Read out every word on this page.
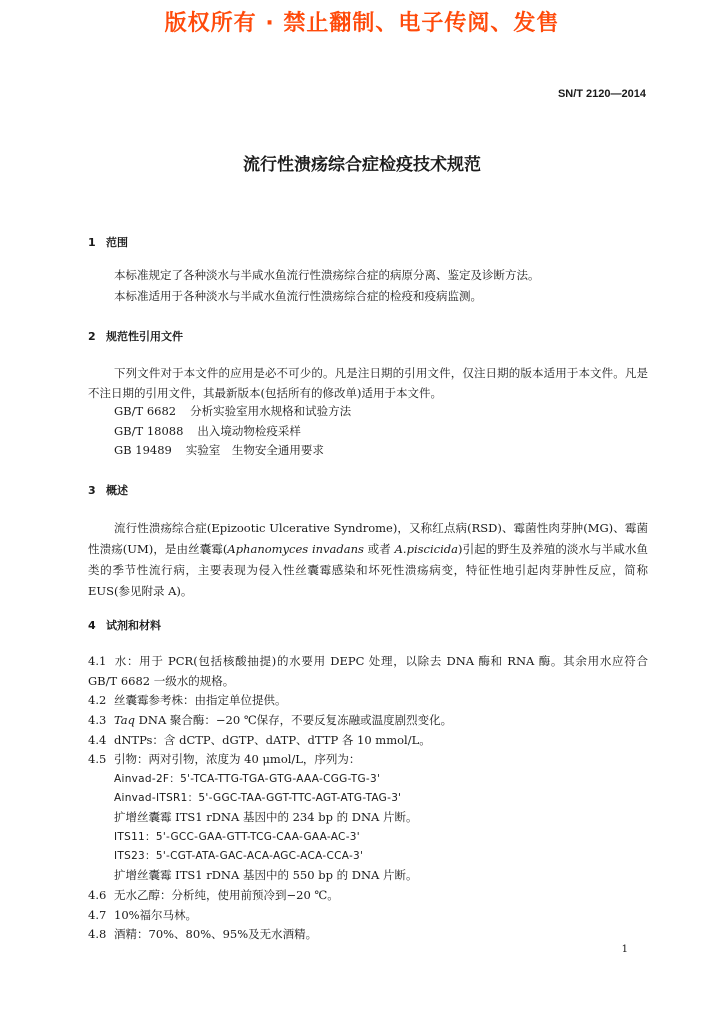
版权所有 · 禁止翻制、电子传阅、发售
SN/T 2120—2014
流行性溃疡综合症检疫技术规范
1 范围
本标准规定了各种淡水与半咸水鱼流行性溃疡综合症的病原分离、鉴定及诊断方法。
本标准适用于各种淡水与半咸水鱼流行性溃疡综合症的检疫和疫病监测。
2 规范性引用文件
下列文件对于本文件的应用是必不可少的。凡是注日期的引用文件，仅注日期的版本适用于本文件。凡是不注日期的引用文件，其最新版本(包括所有的修改单)适用于本文件。
GB/T 6682 分析实验室用水规格和试验方法
GB/T 18088 出入境动物检疫采样
GB 19489 实验室　生物安全通用要求
3 概述
流行性溃疡综合症(Epizootic Ulcerative Syndrome)，又称红点病(RSD)、霉菌性肉芽肿(MG)、霉菌性溃疡(UM)，是由丝囊霉(Aphanomyces invadans 或者 A.piscicida)引起的野生及养殖的淡水与半咸水鱼类的季节性流行病，主要表现为侵入性丝囊霉感染和坏死性溃疡病变，特征性地引起肉芽肿性反应，简称 EUS(参见附录 A)。
4 试剂和材料
4.1 水：用于 PCR(包括核酸抽提)的水要用 DEPC 处理，以除去 DNA 酶和 RNA 酶。其余用水应符合 GB/T 6682 一级水的规格。
4.2 丝囊霉参考株：由指定单位提供。
4.3 Taq DNA 聚合酶：−20 ℃保存，不要反复冻融或温度剧烈变化。
4.4 dNTPs：含 dCTP、dGTP、dATP、dTTP 各 10 mmol/L。
4.5 引物：两对引物，浓度为 40 μmol/L，序列为：
Ainvad-2F：5'-TCA-TTG-TGA-GTG-AAA-CGG-TG-3'
Ainvad-ITSR1：5'-GGC-TAA-GGT-TTC-AGT-ATG-TAG-3'
扩增丝囊霉 ITS1 rDNA 基因中的 234 bp 的 DNA 片断。
ITS11：5'-GCC-GAA-GTT-TCG-CAA-GAA-AC-3'
ITS23：5'-CGT-ATA-GAC-ACA-AGC-ACA-CCA-3'
扩增丝囊霉 ITS1 rDNA 基因中的 550 bp 的 DNA 片断。
4.6 无水乙醇：分析纯，使用前预冷到−20 ℃。
4.7 10%福尔马林。
4.8 酒精：70%、80%、95%及无水酒精。
1
